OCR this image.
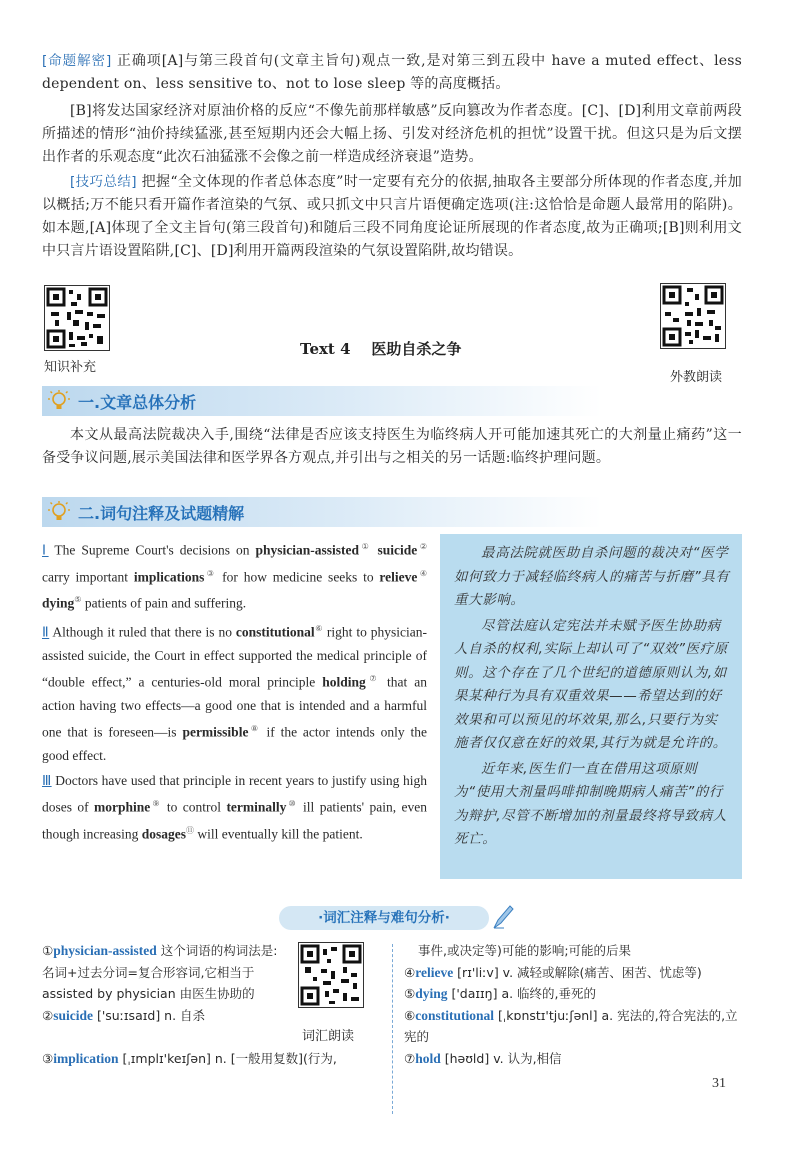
[命题解密] 正确项[A]与第三段首句(文章主旨句)观点一致,是对第三到五段中 have a muted effect、less dependent on、less sensitive to、not to lose sleep 等的高度概括。
[B]将发达国家经济对原油价格的反应“不像先前那样敏感”反向篡改为作者态度。[C]、[D]利用文章前两段所描述的情形“油价持续猛涨,甚至短期内还会大幅上扬、引发对经济危机的担忧”设置干扰。但这只是为后文摆出作者的乐观态度“此次石油猛涨不会像之前一样造成经济衰退”造势。
[技巧总结] 把握“全文体现的作者总体态度”时一定要有充分的依据,抽取各主要部分所体现的作者态度,并加以概括;万不能只看开篇作者渲染的气氛、或只抓文中只言片语便确定选项(注:这恰恰是命题人最常用的陷阱)。如本题,[A]体现了全文主旨句(第三段首句)和随后三段不同角度论证所展现的作者态度,故为正确项;[B]则利用文中只言片语设置陷阱,[C]、[D]利用开篇两段渲染的气氛设置陷阱,故均错误。
知识补充
Text 4    医助自杀之争
外教朗读
一.文章总体分析
本文从最高法院裁决入手,围绕“法律是否应该支持医生为临终病人开可能加速其死亡的大剂量止痛药”这一备受争议问题,展示美国法律和医学界各方观点,并引出与之相关的另一话题:临终护理问题。
二.词句注释及试题精解
Ⅰ The Supreme Court's decisions on physician-assisted① suicide② carry important implications③ for how medicine seeks to relieve④ dying⑤ patients of pain and suffering.
Ⅱ Although it ruled that there is no constitutional⑥ right to physician-assisted suicide, the Court in effect supported the medical principle of “double effect,” a centuries-old moral principle holding⑦ that an action having two effects—a good one that is intended and a harmful one that is foreseen—is permissible⑧ if the actor intends only the good effect.
Ⅲ Doctors have used that principle in recent years to justify using high doses of morphine⑨ to control terminally⑩ ill patients' pain, even though increasing dosages⑪ will eventually kill the patient.
最高法院就医助自杀问题的裁决对“医学如何致力于减轻临终病人的痛苦与折磨”具有重大影响。
尽管法庭认定宪法并未赋予医生协助病人自杀的权利,实际上却认可了“双效”医疗原则。这个存在了几个世纪的道德原则认为,如果某种行为具有双重效果——希望达到的好效果和可以预见的坏效果,那么,只要行为实施者仅仅意在好的效果,其行为就是允许的。
近年来,医生们一直在借用这项原则为“使用大剂量吗啡抑制晚期病人痛苦”的行为辩护,尽管不断增加的剂量最终将导致病人死亡。
·词汇注释与难句分析·
①physician-assisted 这个词语的构词法是:名词+过去分词=复合形容词,它相当于 assisted by physician 由医生协助的
②suicide ['suːɪsaɪd] n. 自杀
③implication [ˌɪmplɪ'keɪʃən] n. [一般用复数](行为,
词汇朗读
事件,或决定等)可能的影响;可能的后果
④relieve [rɪ'liːv] v. 减轻或解除(痛苦、困苦、忧虑等)
⑤dying ['daɪɪŋ] a. 临终的,垂死的
⑥constitutional [ˌkɒnstɪ'tjuːʃənl] a. 宪法的,符合宪法的,立宪的
⑦hold [həʊld] v. 认为,相信
31
